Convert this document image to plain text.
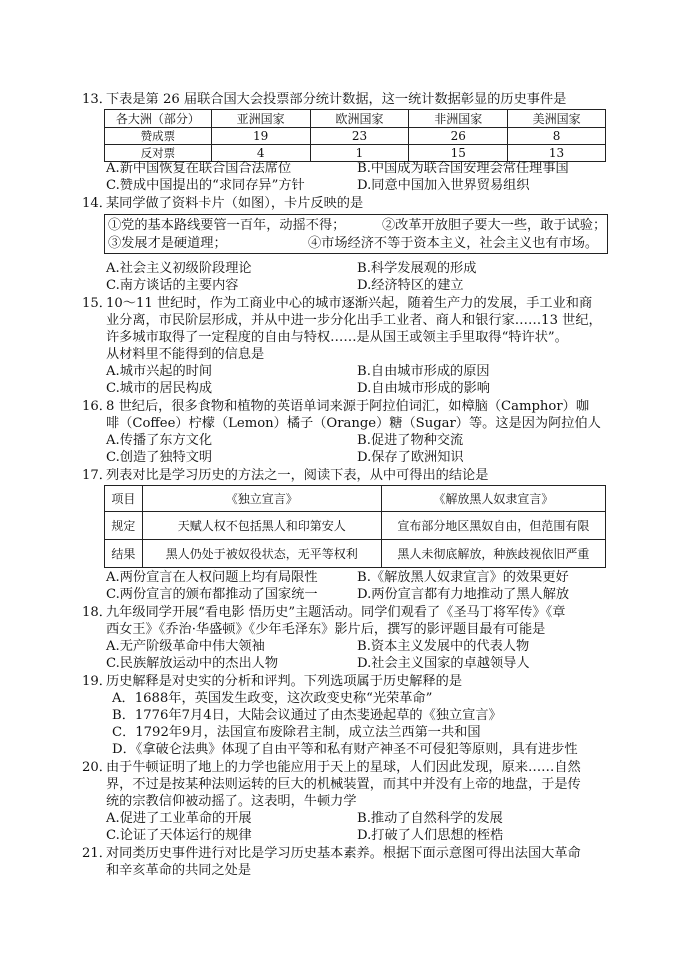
13．
下表是第 26 届联合国大会投票部分统计数据，这一统计数据彰显的历史事件是
各大洲（部分）	亚洲国家	欧洲国家	非洲国家	美洲国家
赞成票	19	23	26	8
反对票	4	1	15	13
A.新中国恢复在联合国合法席位	B.中国成为联合国安理会常任理事国
C.赞成中国提出的“求同存异”方针	D.同意中国加入世界贸易组织
14．
某同学做了资料卡片（如图），卡片反映的是
①党的基本路线要管一百年，动摇不得；	②改革开放胆子要大一些，敢于试验；
③发展才是硬道理；	④市场经济不等于资本主义，社会主义也有市场。
A.社会主义初级阶段理论	B.科学发展观的形成
C.南方谈话的主要内容	D.经济特区的建立
15．
10～11 世纪时，作为工商业中心的城市逐渐兴起，随着生产力的发展，手工业和商
业分离，市民阶层形成，并从中进一步分化出手工业者、商人和银行家……13 世纪，
许多城市取得了一定程度的自由与特权……是从国王或领主手里取得“特许状”。
从材料里不能得到的信息是
A.城市兴起的时间	B.自由城市形成的原因
C.城市的居民构成	D.自由城市形成的影响
16．
8 世纪后，很多食物和植物的英语单词来源于阿拉伯词汇，如樟脑（Camphor）咖
啡（Coffee）柠檬（Lemon）橘子（Orange）糖（Sugar）等。这是因为阿拉伯人
A.传播了东方文化	B.促进了物种交流
C.创造了独特文明	D.保存了欧洲知识
17．
列表对比是学习历史的方法之一，阅读下表，从中可得出的结论是
项目	《独立宣言》	《解放黑人奴隶宣言》
规定	天赋人权不包括黑人和印第安人	宣布部分地区黑奴自由，但范围有限
结果	黑人仍处于被奴役状态，无平等权利	黑人未彻底解放，种族歧视依旧严重
A.两份宣言在人权问题上均有局限性	B.《解放黑人奴隶宣言》的效果更好
C.两份宣言的颁布都推动了国家统一	D.两份宣言都有力地推动了黑人解放
18．
九年级同学开展“看电影 悟历史”主题活动。同学们观看了《圣马丁将军传》《章
西女王》《乔治·华盛顿》《少年毛泽东》影片后，撰写的影评题目最有可能是
A.无产阶级革命中伟大领袖	B.资本主义发展中的代表人物
C.民族解放运动中的杰出人物	D.社会主义国家的卓越领导人
19．
历史解释是对史实的分析和评判。下列选项属于历史解释的是
A．1688年，英国发生政变，这次政变史称“光荣革命”
B．1776年7月4日，大陆会议通过了由杰斐逊起草的《独立宣言》
C．1792年9月，法国宣布废除君主制，成立法兰西第一共和国
D．《拿破仑法典》体现了自由平等和私有财产神圣不可侵犯等原则，具有进步性
20．
由于牛顿证明了地上的力学也能应用于天上的星球，人们因此发现，原来……自然
界，不过是按某种法则运转的巨大的机械装置，而其中并没有上帝的地盘，于是传
统的宗教信仰被动摇了。这表明，牛顿力学
A.促进了工业革命的开展	B.推动了自然科学的发展
C.论证了天体运行的规律	D.打破了人们思想的桎梏
21．
对同类历史事件进行对比是学习历史基本素养。根据下面示意图可得出法国大革命
和辛亥革命的共同之处是
